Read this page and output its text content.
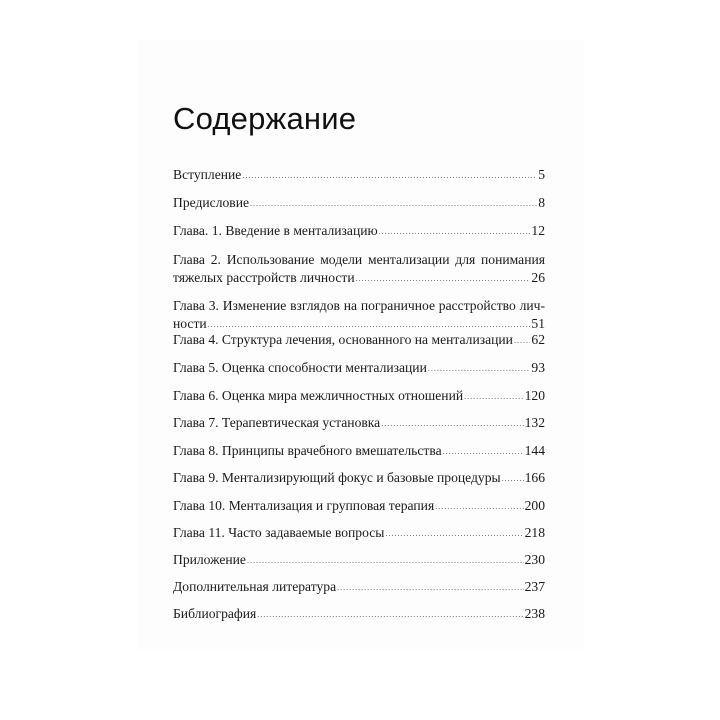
Содержание
Вступление .....	5
Предисловие .....	8
Глава. 1. Введение в ментализацию .....	12
Глава 2. Использование модели ментализации для понимания
тяжелых расстройств личности .....	26
Глава 3. Изменение взглядов на пограничное расстройство лич-
ности .....	51
Глава 4. Структура лечения, основанного на ментализации ..... 62
Глава 5. Оценка способности ментализации .....	93
Глава 6. Оценка мира межличностных отношений .....	120
Глава 7. Терапевтическая установка .....	132
Глава 8. Принципы врачебного вмешательства .....	144
Глава 9. Ментализирующий фокус и базовые процедуры ..... 166
Глава 10. Ментализация и групповая терапия .....	200
Глава 11. Часто задаваемые вопросы .....	218
Приложение .....	230
Дополнительная литература .....	237
Библиография .....	238
